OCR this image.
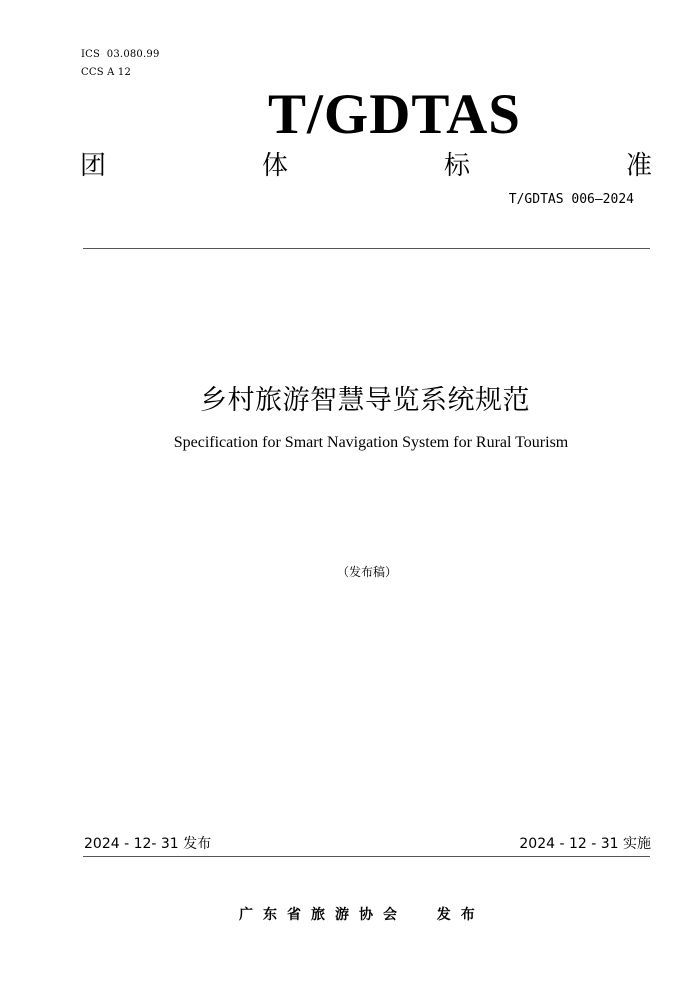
ICS  03.080.99
CCS A 12
T/GDTAS
团	体	标	准
T/GDTAS 006—2024
乡村旅游智慧导览系统规范
Specification for Smart Navigation System for Rural Tourism
（发布稿）
2024 - 12- 31 发布	2024 - 12 - 31 实施
广东省旅游协会  发布
